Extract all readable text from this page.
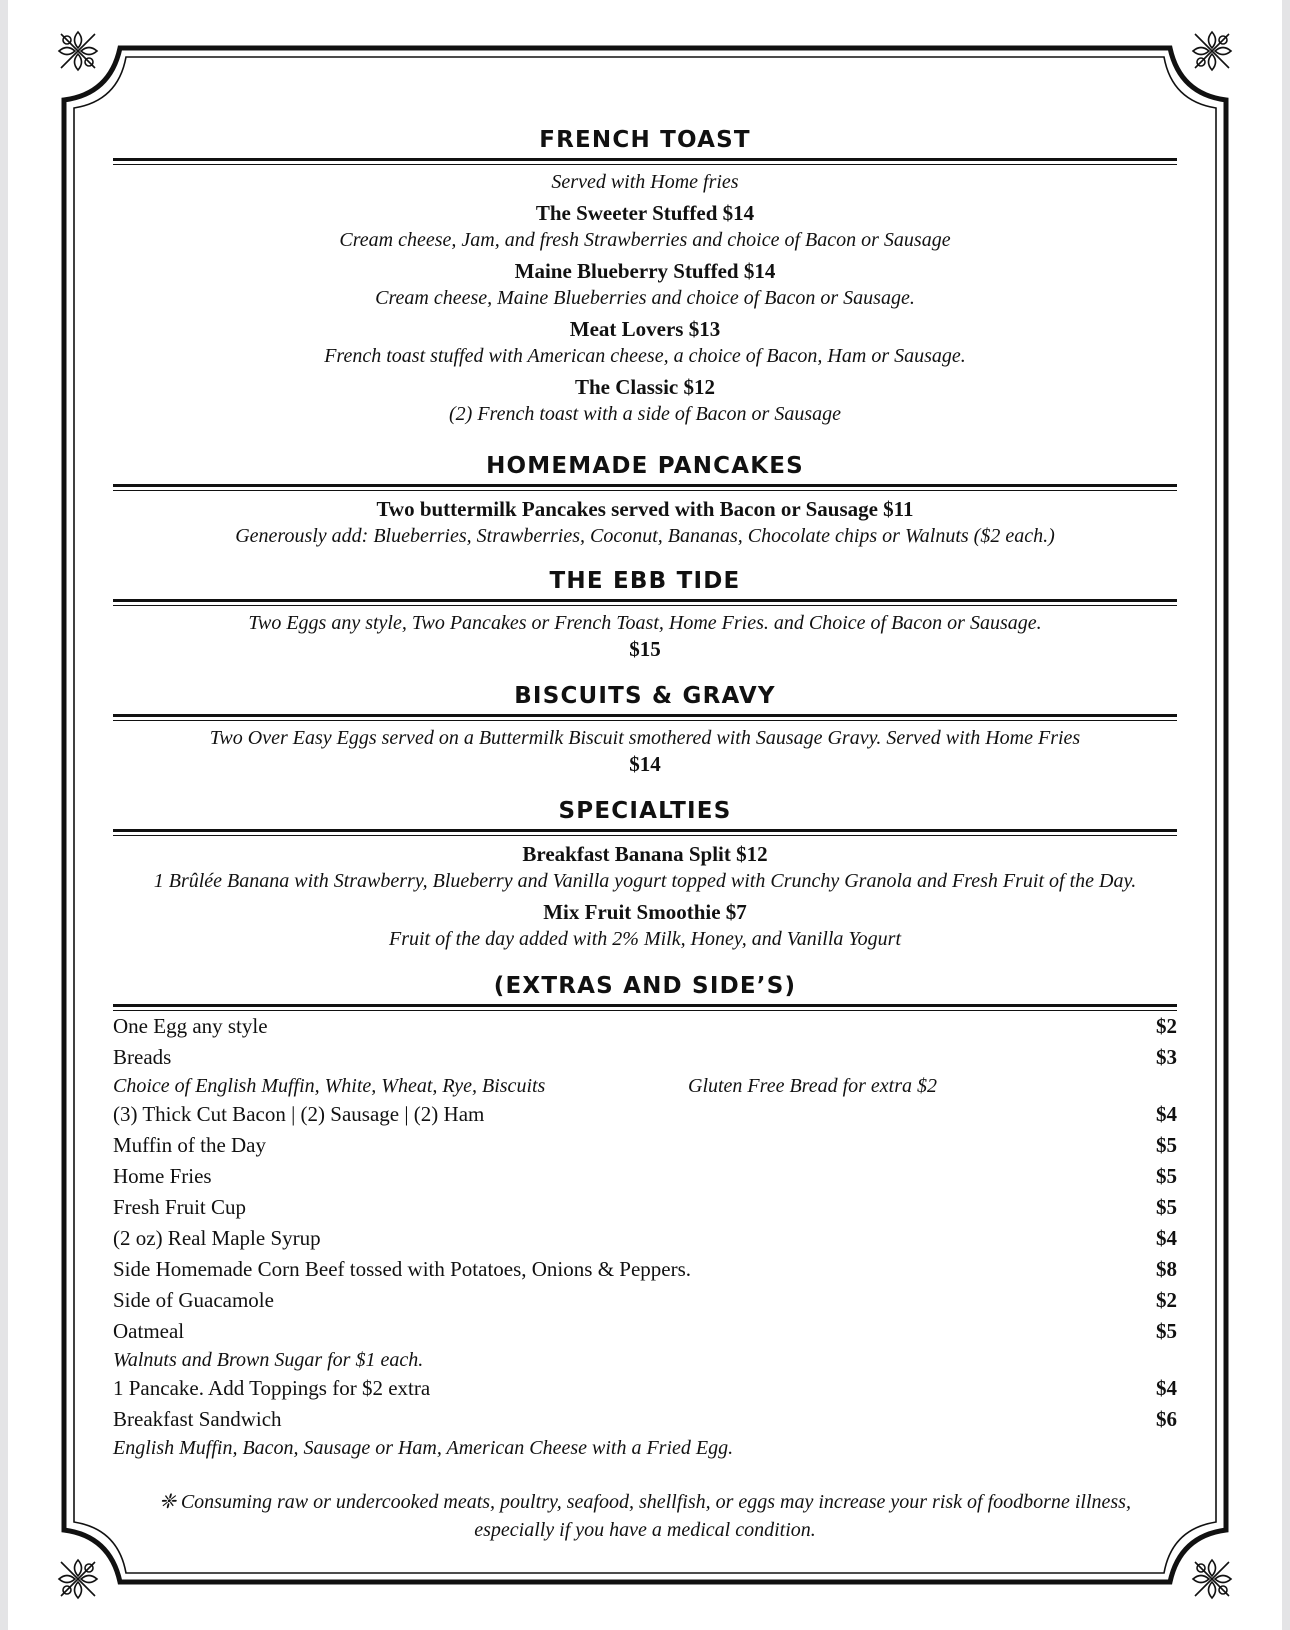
FRENCH TOAST
Served with Home fries
The Sweeter Stuffed $14
Cream cheese, Jam, and fresh Strawberries and choice of Bacon or Sausage
Maine Blueberry Stuffed $14
Cream cheese, Maine Blueberries and choice of Bacon or Sausage.
Meat Lovers $13
French toast stuffed with American cheese, a choice of Bacon, Ham or Sausage.
The Classic $12
(2) French toast with a side of Bacon or Sausage
HOMEMADE PANCAKES
Two buttermilk Pancakes served with Bacon or Sausage $11
Generously add: Blueberries, Strawberries, Coconut, Bananas, Chocolate chips or Walnuts ($2 each.)
THE EBB TIDE
Two Eggs any style, Two Pancakes or French Toast, Home Fries. and Choice of Bacon or Sausage.
$15
BISCUITS & GRAVY
Two Over Easy Eggs served on a Buttermilk Biscuit smothered with Sausage Gravy. Served with Home Fries
$14
SPECIALTIES
Breakfast Banana Split $12
1 Brûlée Banana with Strawberry, Blueberry and Vanilla yogurt topped with Crunchy Granola and Fresh Fruit of the Day.
Mix Fruit Smoothie $7
Fruit of the day added with 2% Milk, Honey, and Vanilla Yogurt
(EXTRAS AND SIDE’S)
One Egg any style	$2
Breads	$3
Choice of English Muffin, White, Wheat, Rye, Biscuits	Gluten Free Bread for extra $2
(3) Thick Cut Bacon | (2) Sausage | (2) Ham	$4
Muffin of the Day	$5
Home Fries	$5
Fresh Fruit Cup	$5
(2 oz) Real Maple Syrup	$4
Side Homemade Corn Beef tossed with Potatoes, Onions & Peppers.	$8
Side of Guacamole	$2
Oatmeal	$5
Walnuts and Brown Sugar for $1 each.
1 Pancake. Add Toppings for $2 extra	$4
Breakfast Sandwich	$6
English Muffin, Bacon, Sausage or Ham, American Cheese with a Fried Egg.
❈ Consuming raw or undercooked meats, poultry, seafood, shellfish, or eggs may increase your risk of foodborne illness,
especially if you have a medical condition.
